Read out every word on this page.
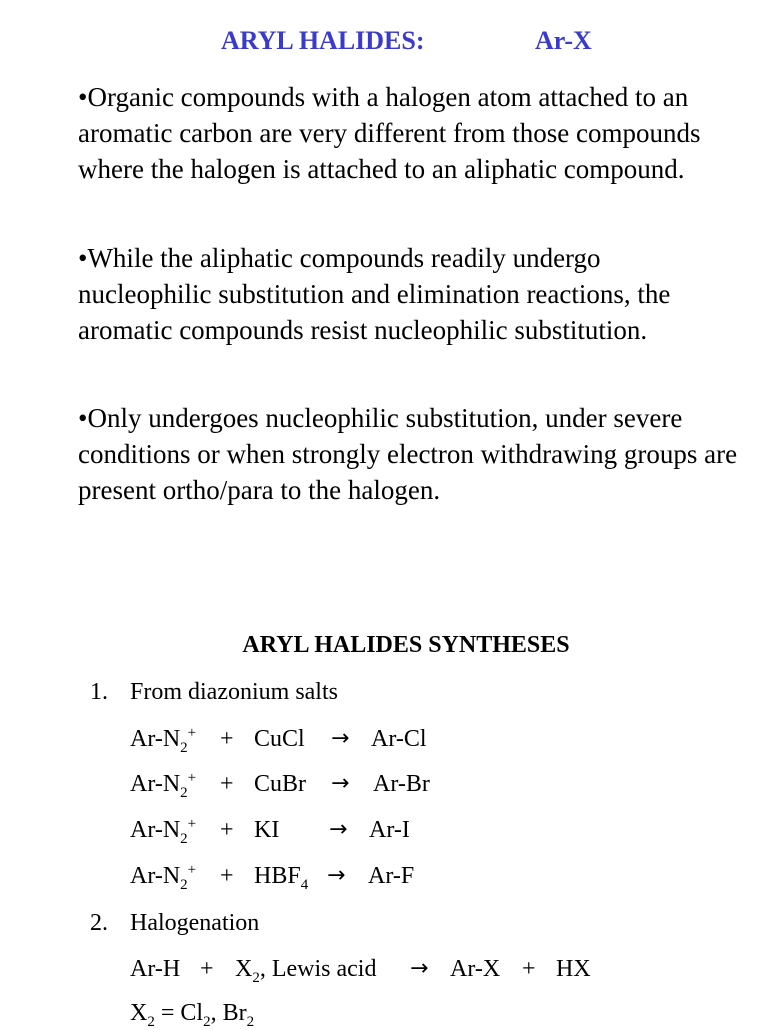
ARYL HALIDES:	Ar-X
•Organic compounds with a halogen atom attached to an aromatic carbon are very different from those compounds where the halogen is attached to an aliphatic compound.
•While the aliphatic compounds readily undergo nucleophilic substitution and elimination reactions, the aromatic compounds resist nucleophilic substitution.
•Only undergoes nucleophilic substitution, under severe conditions or when strongly electron withdrawing groups are present ortho/para to the halogen.
ARYL HALIDES SYNTHESES
1. From diazonium salts
$Ar-N_2^+$ + CuCl → Ar-Cl
$Ar-N_2^+$ + CuBr → Ar-Br
$Ar-N_2^+$ + KI → Ar-I
$Ar-N_2^+ + HBF_4 \to Ar-F$
2. Halogenation
$Ar-H + X_2$, Lewis acid → Ar-X + HX
$X_2 = Cl_2$, $Br_2$
